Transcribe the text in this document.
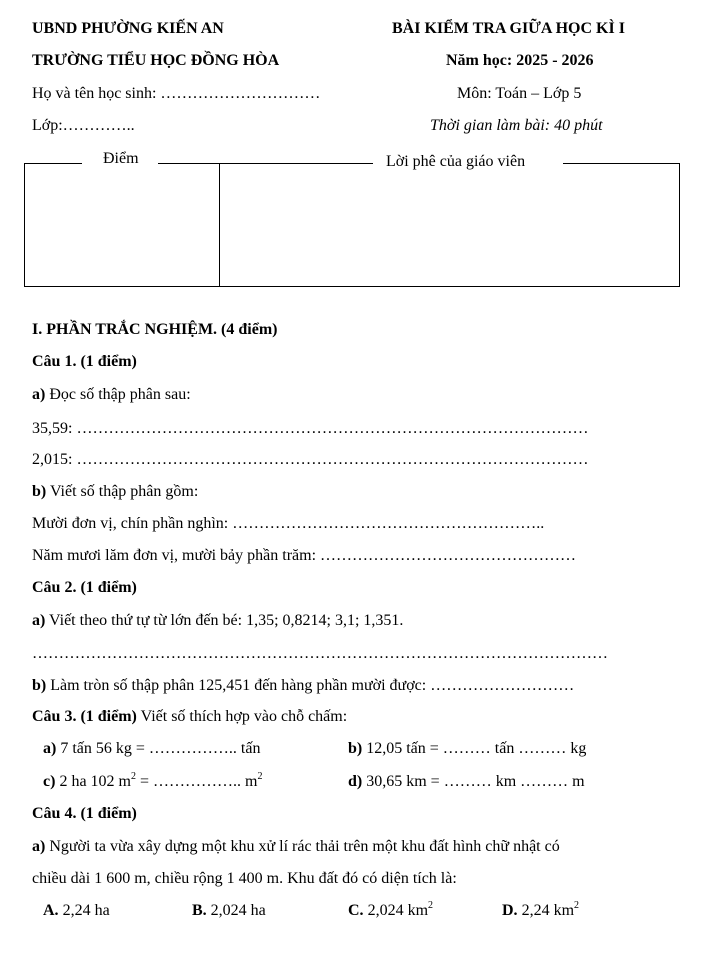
UBND PHƯỜNG KIẾN AN	BÀI KIỂM TRA GIỮA HỌC KÌ I
TRƯỜNG TIỂU HỌC ĐỒNG HÒA	Năm học: 2025 - 2026
Họ và tên học sinh: …………………………	Môn: Toán – Lớp 5
Lớp:…………..	Thời gian làm bài: 40 phút
Điểm	Lời phê của giáo viên
I. PHẦN TRẮC NGHIỆM. (4 điểm)
Câu 1. (1 điểm)
a) Đọc số thập phân sau:
35,59: ……………………………………………………………………………………
2,015: ……………………………………………………………………………………
b) Viết số thập phân gồm:
Mười đơn vị, chín phần nghìn: …………………………………………………..
Năm mươi lăm đơn vị, mười bảy phần trăm: …………………………………………
Câu 2. (1 điểm)
a) Viết theo thứ tự từ lớn đến bé: 1,35; 0,8214; 3,1; 1,351.
………………………………………………………………………………………………
b) Làm tròn số thập phân 125,451 đến hàng phần mười được: ………………………
Câu 3. (1 điểm) Viết số thích hợp vào chỗ chấm:
a) 7 tấn 56 kg = …………….. tấn	b) 12,05 tấn = ……… tấn ……… kg
c) 2 ha 102 $m^2$ = …………….. $m^2$	d) 30,65 km = ……… km ……… m
Câu 4. (1 điểm)
a) Người ta vừa xây dựng một khu xử lí rác thải trên một khu đất hình chữ nhật có
chiều dài 1 600 m, chiều rộng 1 400 m. Khu đất đó có diện tích là:
A. 2,24 ha	B. 2,024 ha	C. 2,024 $km^2$	D. 2,24 $km^2$
